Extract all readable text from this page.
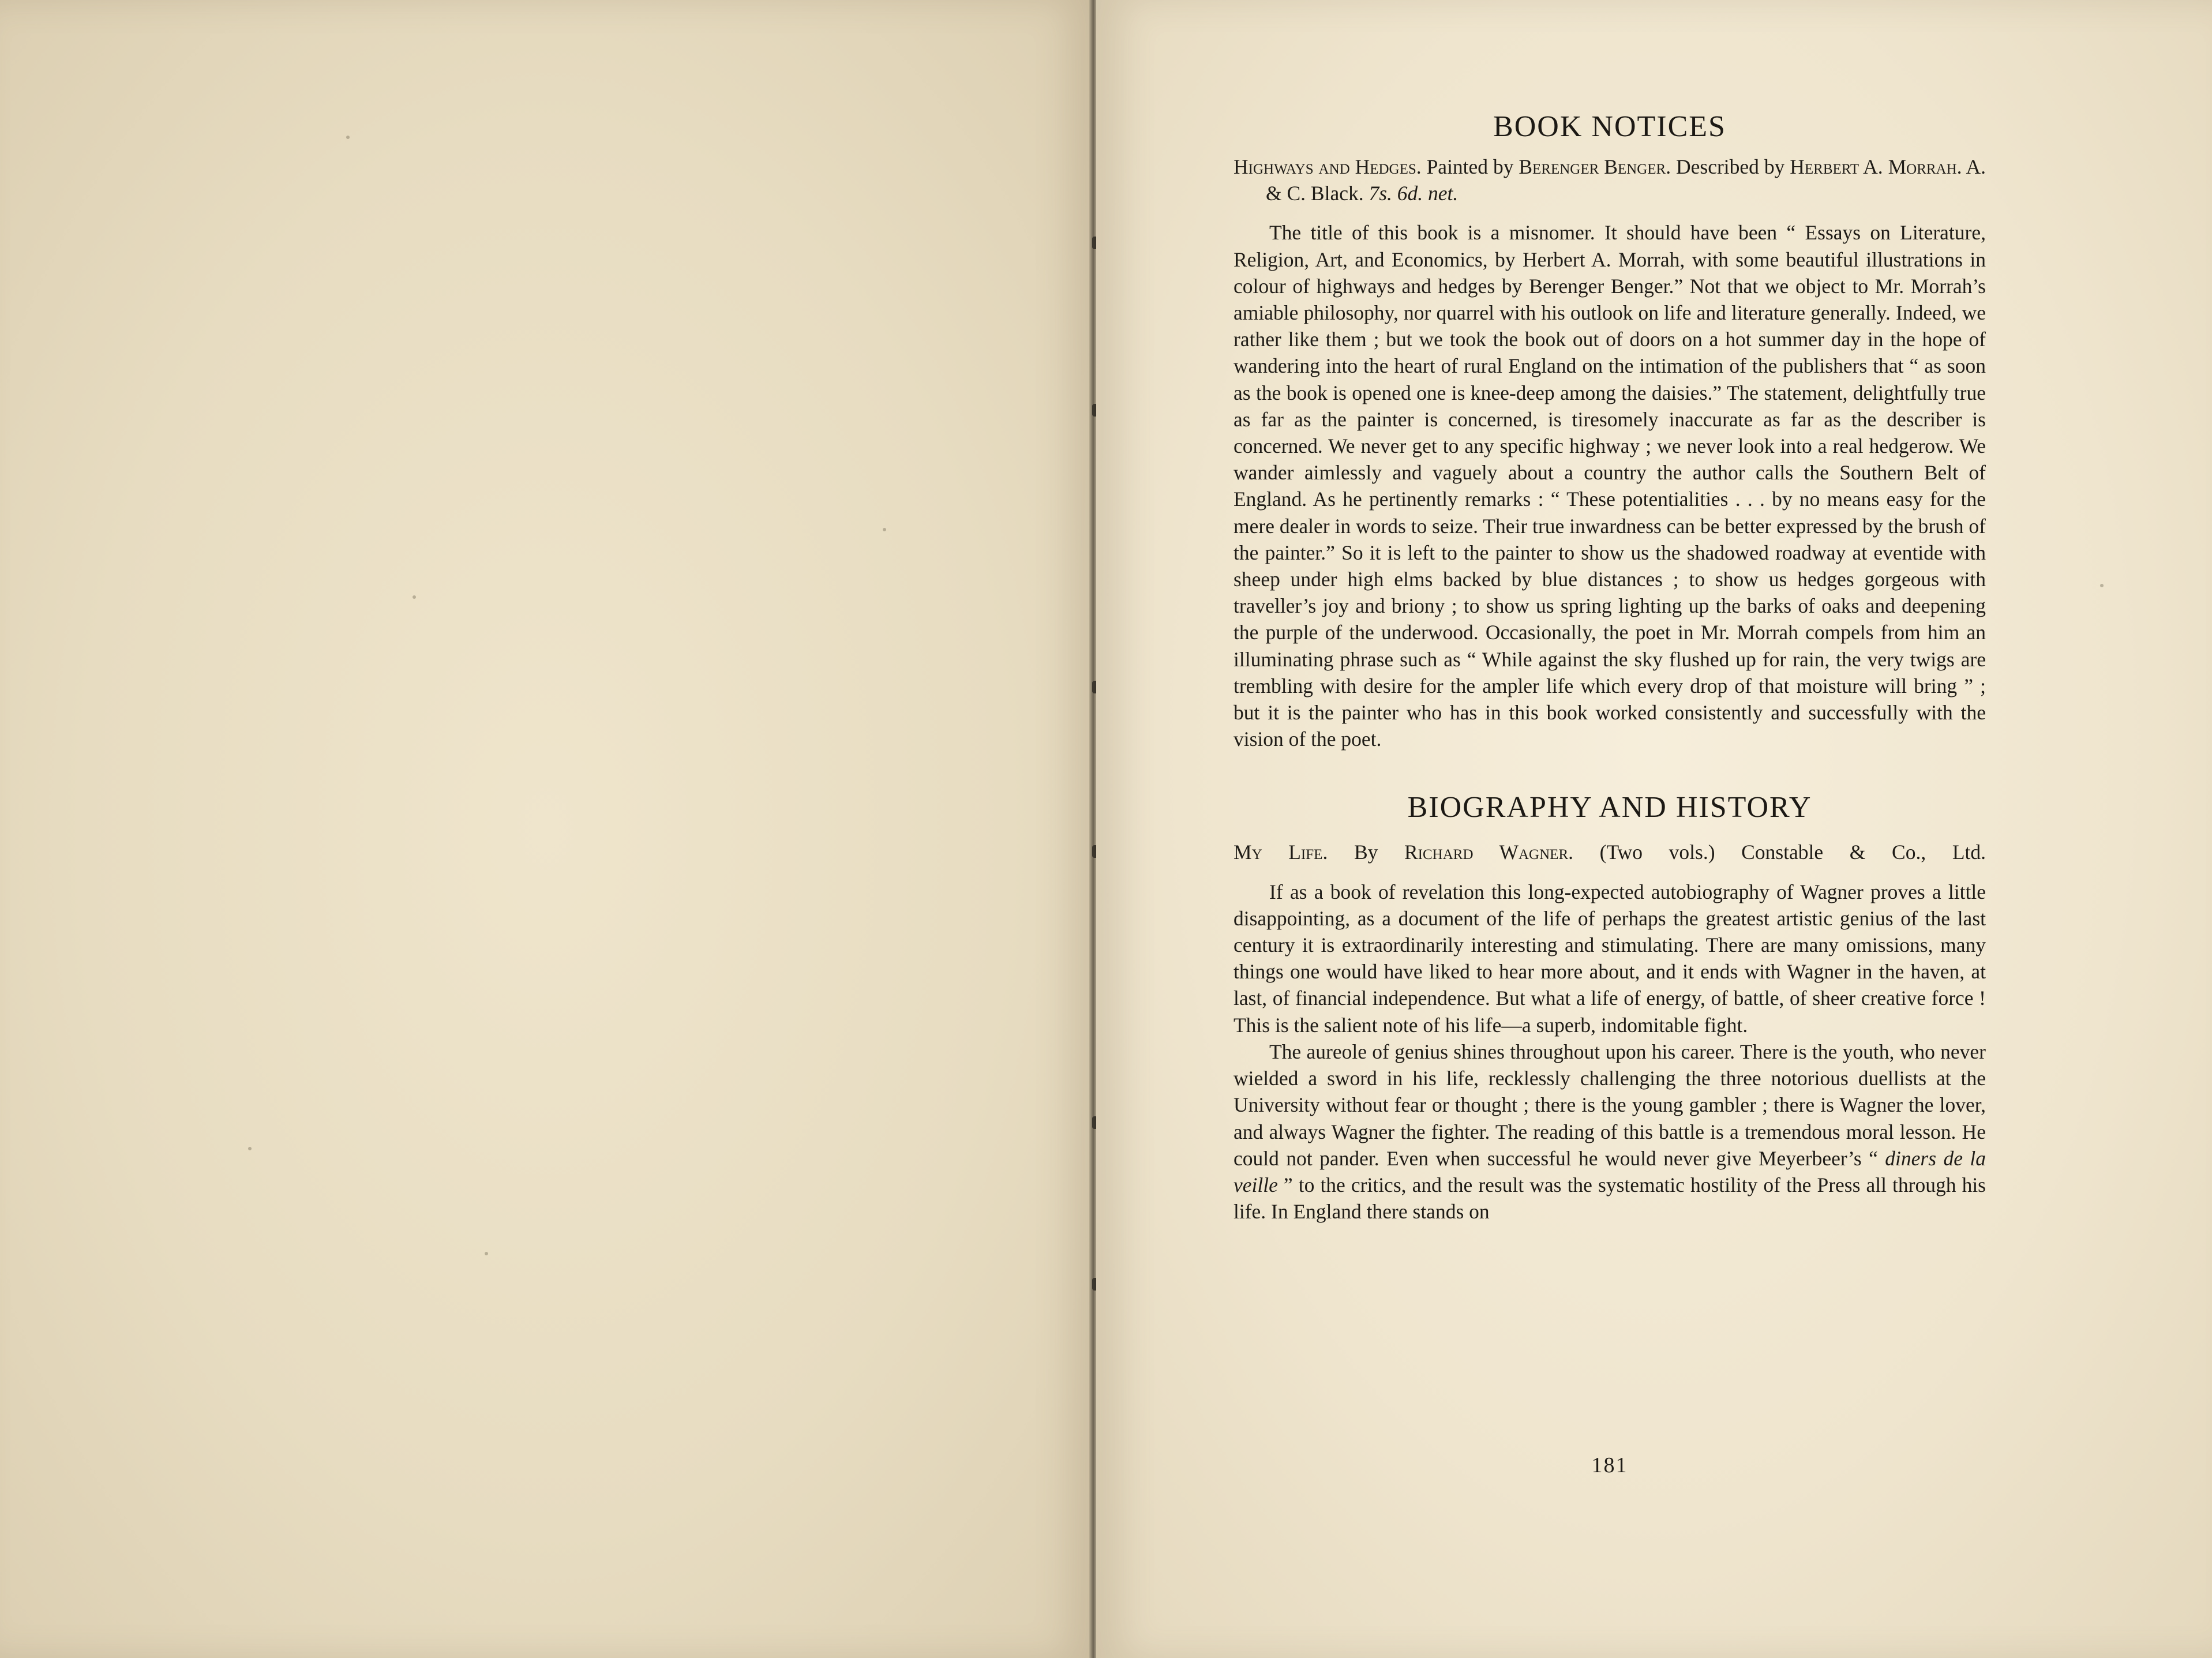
BOOK NOTICES

Highways and Hedges. Painted by Berenger Benger. Described by Herbert A. Morrah. A. & C. Black. 7s. 6d. net.

The title of this book is a misnomer. It should have been “ Essays on Literature, Religion, Art, and Economics, by Herbert A. Morrah, with some beautiful illustrations in colour of highways and hedges by Berenger Benger.” Not that we object to Mr. Morrah’s amiable philosophy, nor quarrel with his outlook on life and literature generally. Indeed, we rather like them ; but we took the book out of doors on a hot summer day in the hope of wandering into the heart of rural England on the intimation of the publishers that “ as soon as the book is opened one is knee-deep among the daisies.” The statement, delightfully true as far as the painter is concerned, is tiresomely inaccurate as far as the describer is concerned. We never get to any specific highway ; we never look into a real hedgerow. We wander aimlessly and vaguely about a country the author calls the Southern Belt of England. As he pertinently remarks : “ These potentialities . . . by no means easy for the mere dealer in words to seize. Their true inwardness can be better expressed by the brush of the painter.” So it is left to the painter to show us the shadowed roadway at eventide with sheep under high elms backed by blue distances ; to show us hedges gorgeous with traveller’s joy and briony ; to show us spring lighting up the barks of oaks and deepening the purple of the underwood. Occasionally, the poet in Mr. Morrah compels from him an illuminating phrase such as “ While against the sky flushed up for rain, the very twigs are trembling with desire for the ampler life which every drop of that moisture will bring ” ; but it is the painter who has in this book worked consistently and successfully with the vision of the poet.

BIOGRAPHY AND HISTORY

My Life. By Richard Wagner. (Two vols.) Constable & Co., Ltd.

If as a book of revelation this long-expected autobiography of Wagner proves a little disappointing, as a document of the life of perhaps the greatest artistic genius of the last century it is extraordinarily interesting and stimulating. There are many omissions, many things one would have liked to hear more about, and it ends with Wagner in the haven, at last, of financial independence. But what a life of energy, of battle, of sheer creative force ! This is the salient note of his life—a superb, indomitable fight.

The aureole of genius shines throughout upon his career. There is the youth, who never wielded a sword in his life, recklessly challenging the three notorious duellists at the University without fear or thought ; there is the young gambler ; there is Wagner the lover, and always Wagner the fighter. The reading of this battle is a tremendous moral lesson. He could not pander. Even when successful he would never give Meyerbeer’s “ diners de la veille ” to the critics, and the result was the systematic hostility of the Press all through his life. In England there stands on

181
